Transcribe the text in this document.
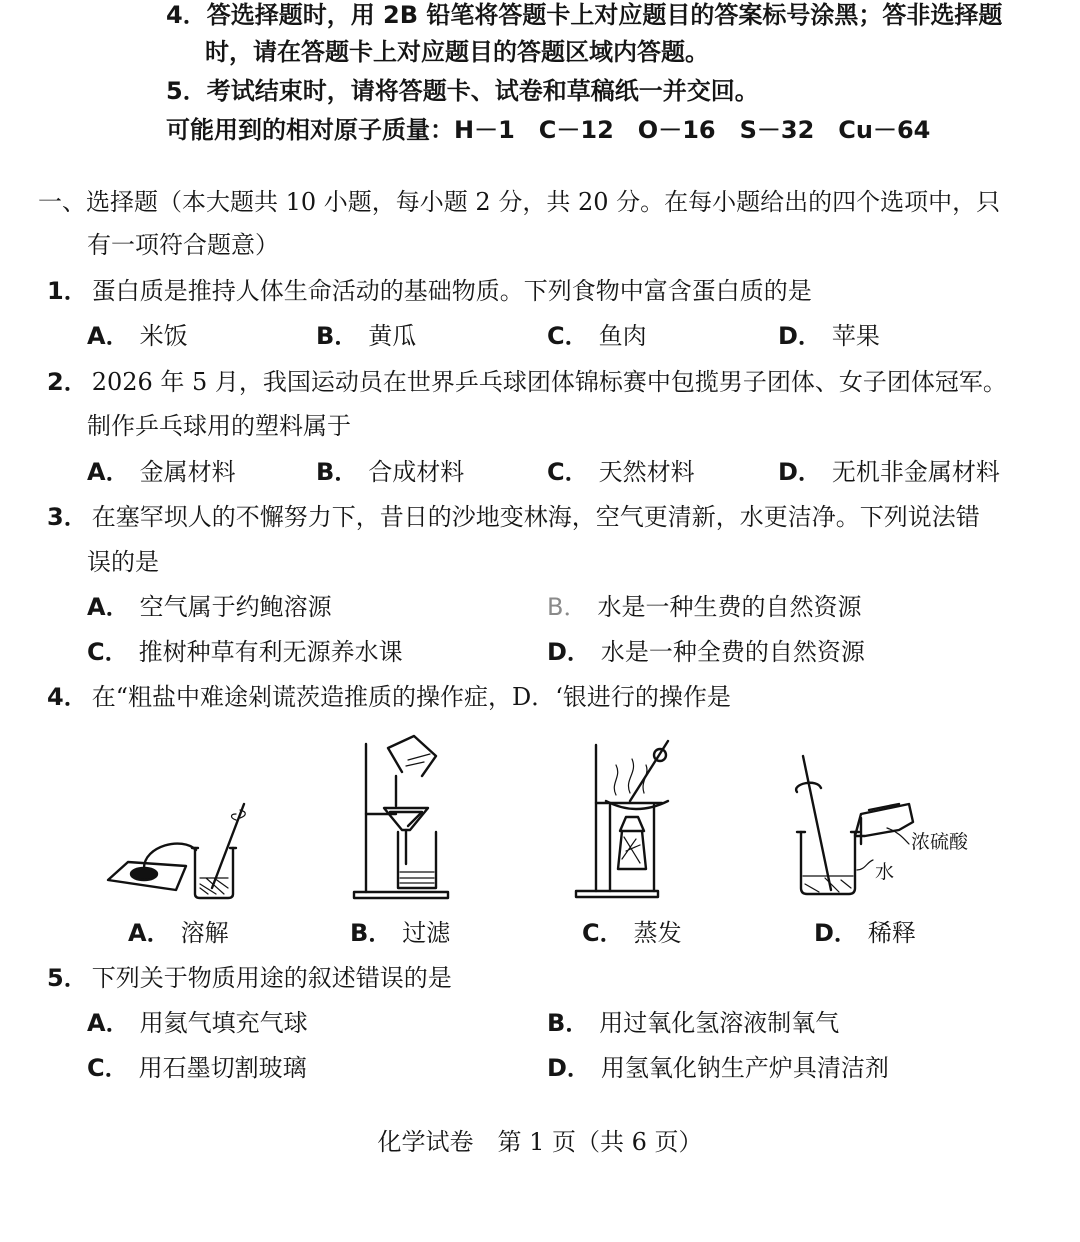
4．答选择题时，用 2B 铅笔将答题卡上对应题目的答案标号涂黑；答非选择题
时，请在答题卡上对应题目的答题区域内答题。
5．考试结束时，请将答题卡、试卷和草稿纸一并交回。
可能用到的相对原子质量：H－1　C－12　O－16　S－32　Cu－64
一、选择题（本大题共 10 小题，每小题 2 分，共 20 分。在每小题给出的四个选项中，只
有一项符合题意）
1． 蛋白质是推持人体生命活动的基础物质。下列食物中富含蛋白质的是
A． 米饭	B． 黄瓜	C． 鱼肉	D． 苹果
2． 2026 年 5 月，我国运动员在世界乒乓球团体锦标赛中包揽男子团体、女子团体冠军。
制作乒乓球用的塑料属于
A． 金属材料	B． 合成材料	C． 天然材料	D． 无机非金属材料
3． 在塞罕坝人的不懈努力下，昔日的沙地变林海，空气更清新，水更洁净。下列说法错
误的是
A． 空气属于约鲍溶源	B． 水是一种生费的自然资源
C． 推树种草有利无源养水课	D． 水是一种全费的自然资源
4． 在“粗盐中难途剁谎茨造推质的操作症，D．‘银进行的操作是
A． 溶解	B． 过滤	C． 蒸发
浓硫酸
水
D． 稀释
5． 下列关于物质用途的叙述错误的是
A． 用氦气填充气球	B． 用过氧化氢溶液制氧气
C． 用石墨切割玻璃	D． 用氢氧化钠生产炉具清洁剂
化学试卷　第 1 页（共 6 页）
